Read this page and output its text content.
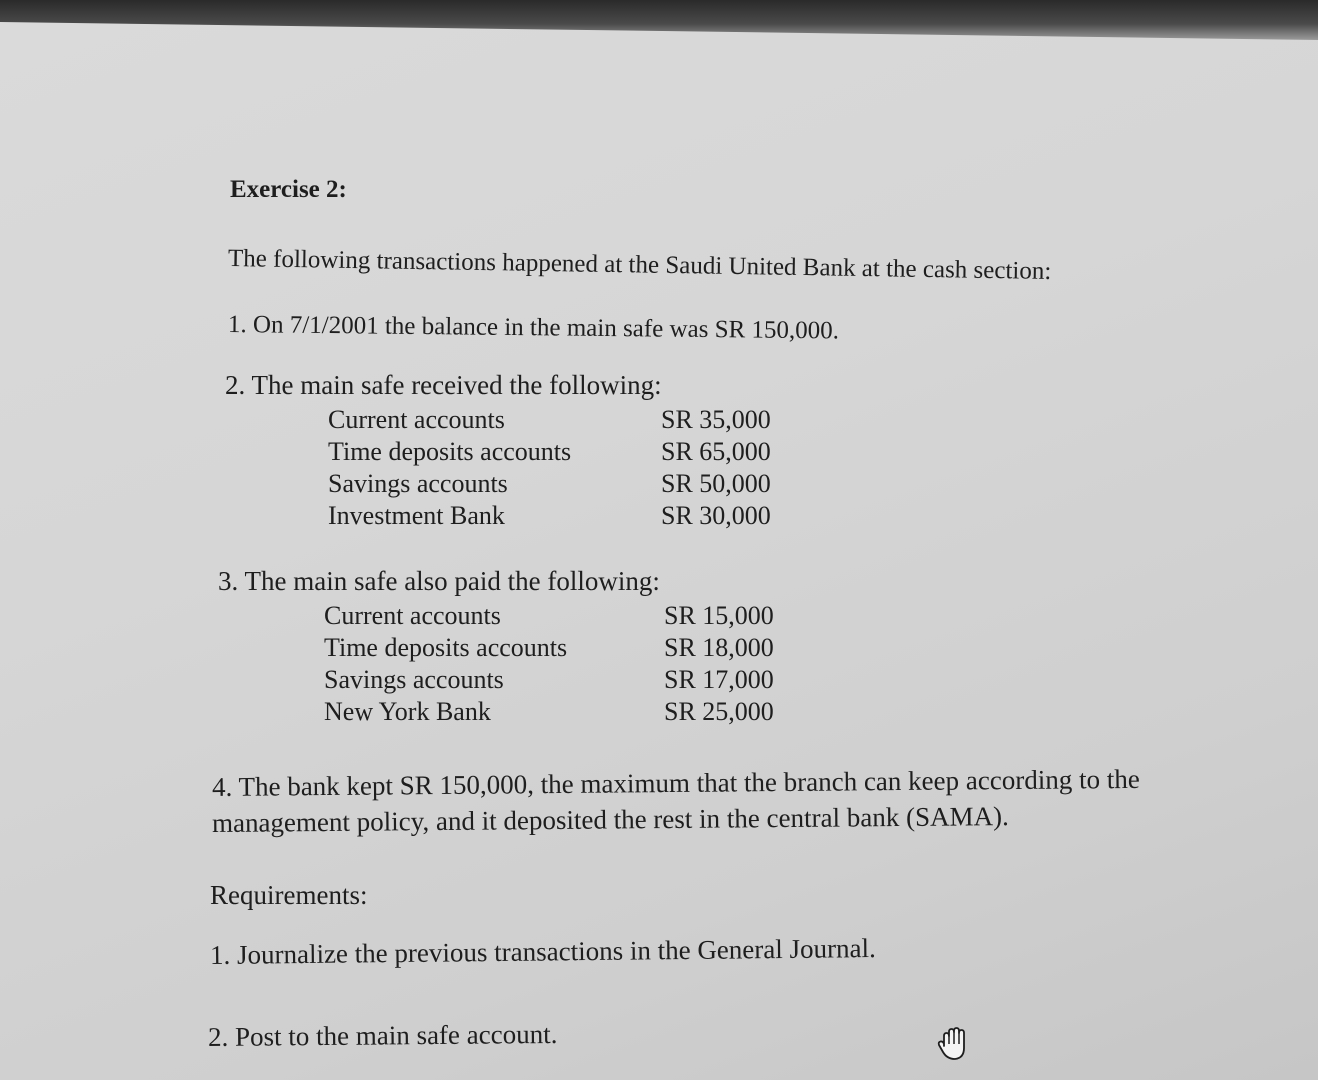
Exercise 2:
The following transactions happened at the Saudi United Bank at the cash section:
1. On 7/1/2001 the balance in the main safe was SR 150,000.
2. The main safe received the following:
Current accounts	SR 35,000
Time deposits accounts	SR 65,000
Savings accounts	SR 50,000
Investment Bank	SR 30,000
3. The main safe also paid the following:
Current accounts	SR 15,000
Time deposits accounts	SR 18,000
Savings accounts	SR 17,000
New York Bank	SR 25,000
4. The bank kept SR 150,000, the maximum that the branch can keep according to the
management policy, and it deposited the rest in the central bank (SAMA).
Requirements:
1. Journalize the previous transactions in the General Journal.
2. Post to the main safe account.
